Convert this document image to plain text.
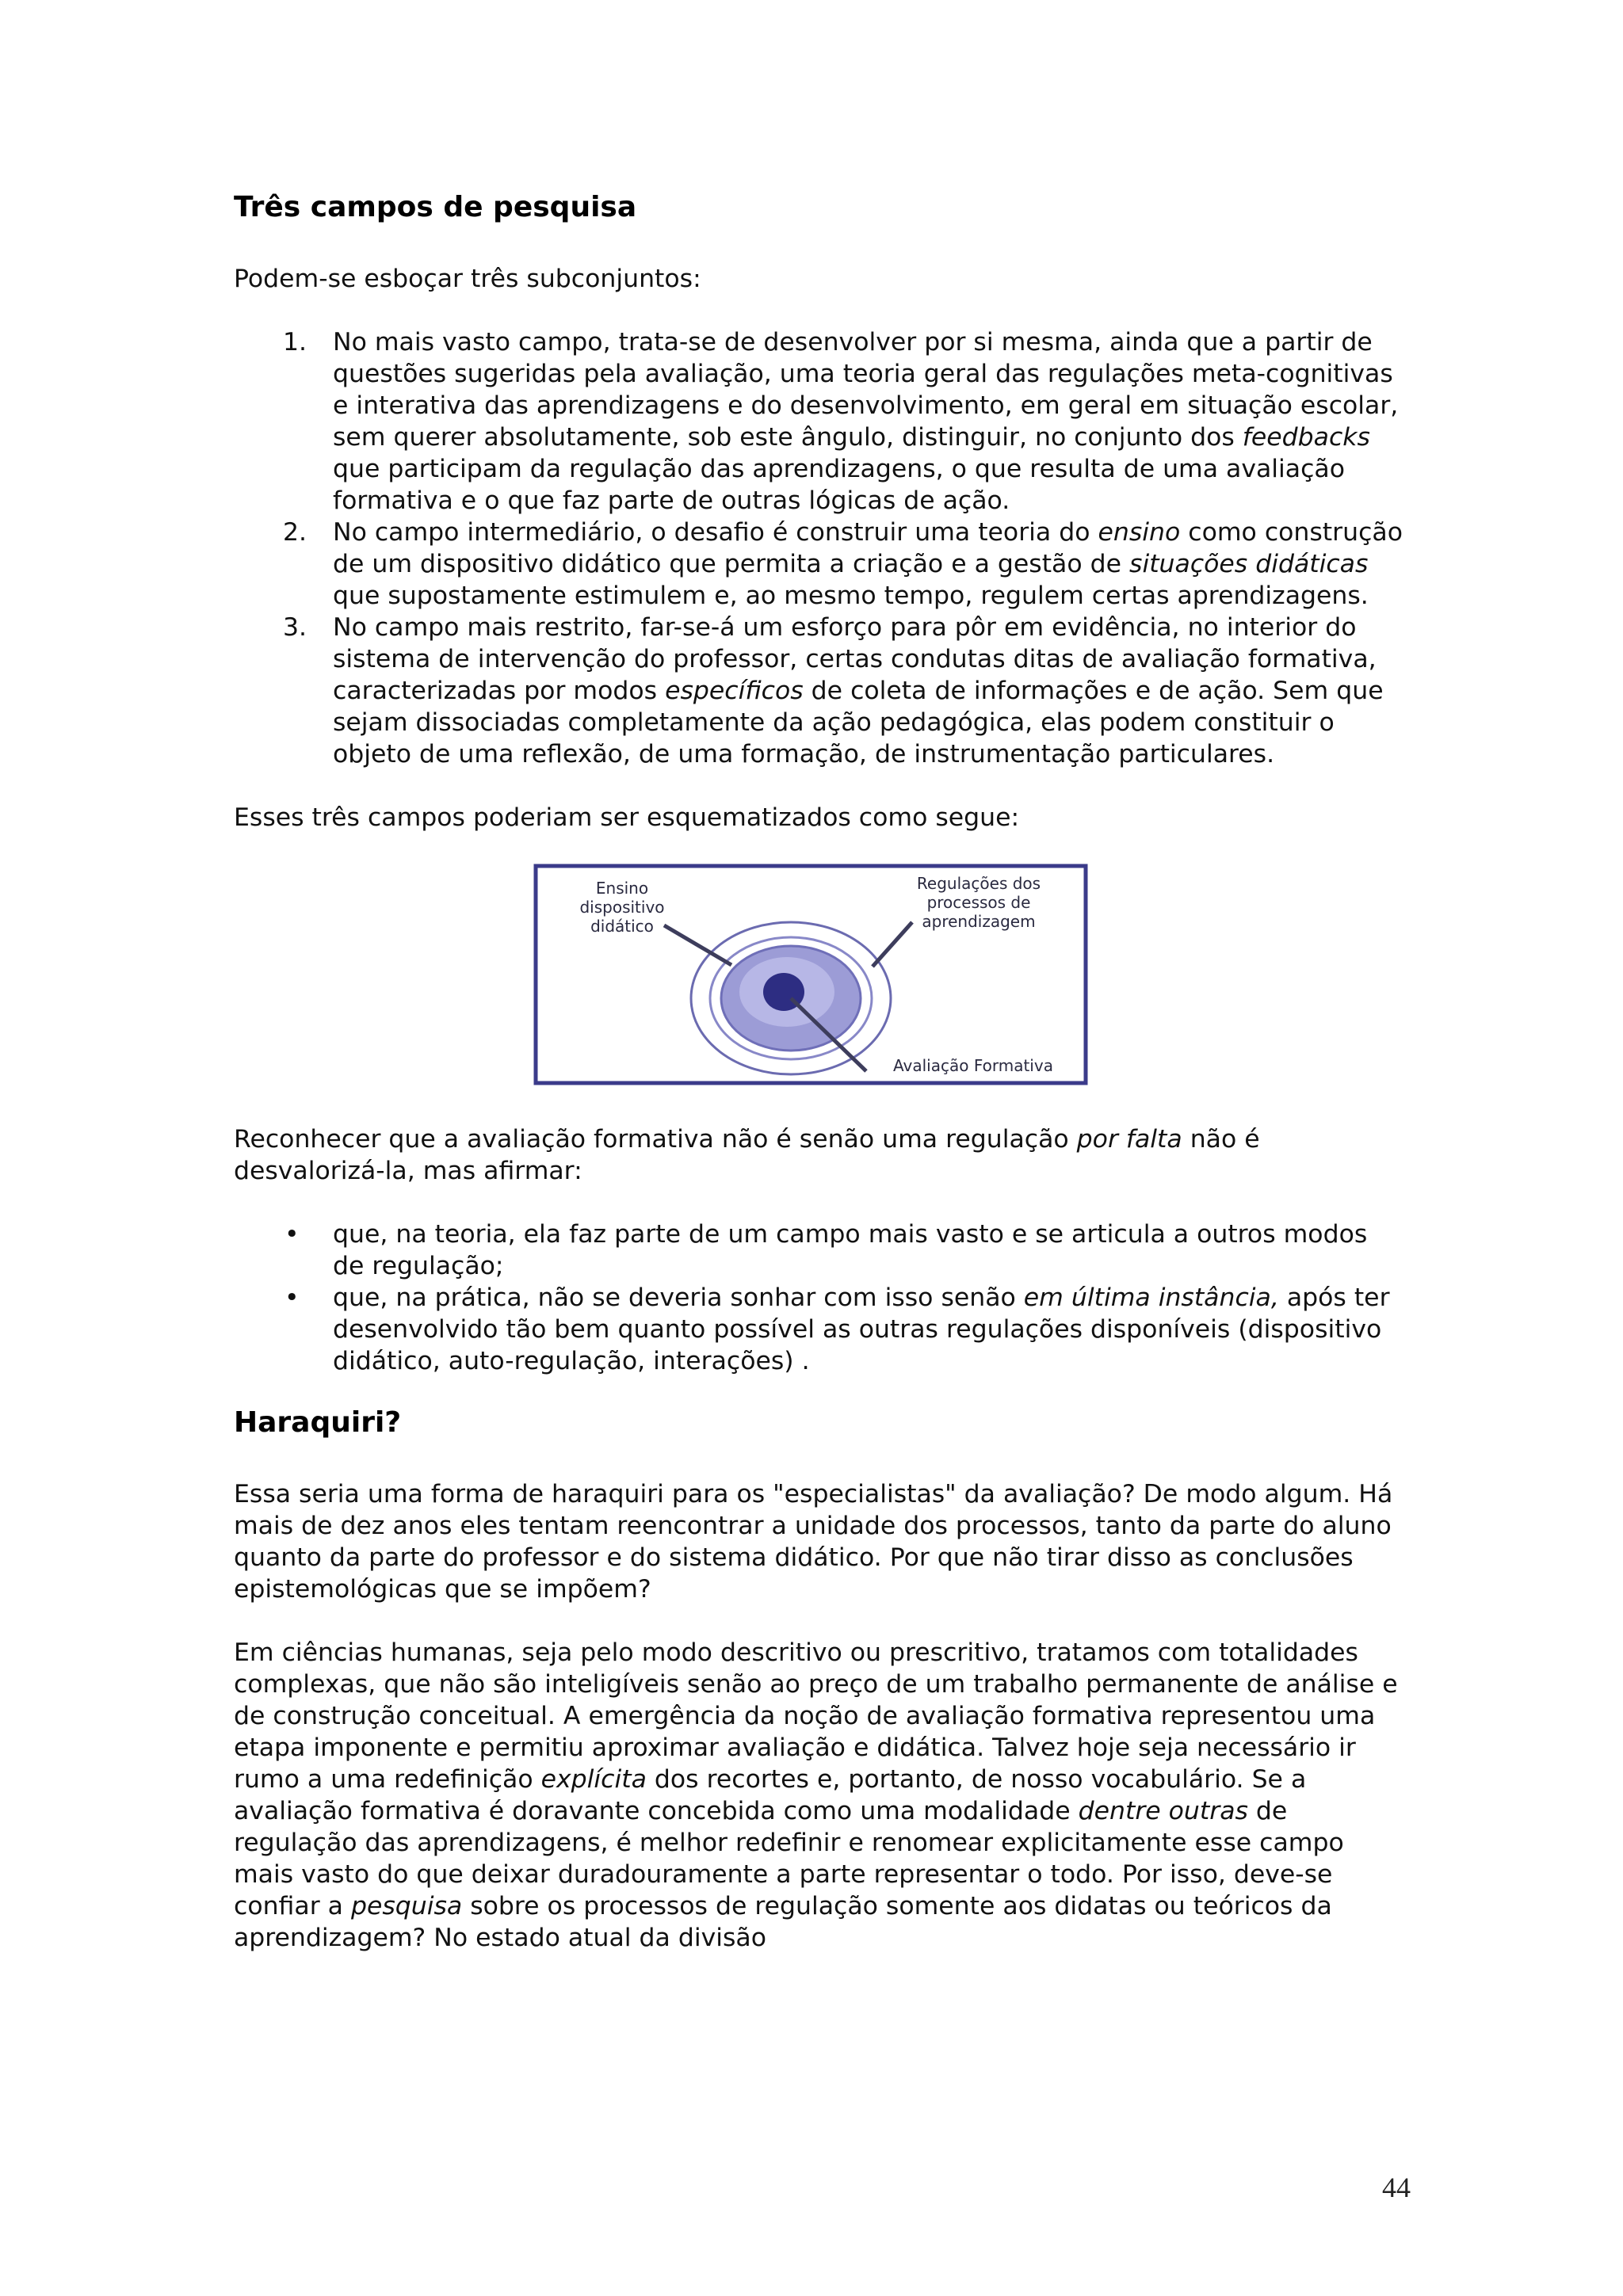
Três campos de pesquisa

Podem-se esboçar três subconjuntos:

1.	No mais vasto campo, trata-se de desenvolver por si mesma, ainda que a partir de questões sugeridas pela avaliação, uma teoria geral das regulações meta-cognitivas e interativa das aprendizagens e do desenvolvimento, em geral em situação escolar, sem querer absolutamente, sob este ângulo, distinguir, no conjunto dos feedbacks que participam da regulação das aprendizagens, o que resulta de uma avaliação formativa e o que faz parte de outras lógicas de ação.
2.	No campo intermediário, o desafio é construir uma teoria do ensino como construção de um dispositivo didático que permita a criação e a gestão de situações didáticas que supostamente estimulem e, ao mesmo tempo, regulem certas aprendizagens.
3.	No campo mais restrito, far-se-á um esforço para pôr em evidência, no interior do sistema de intervenção do professor, certas condutas ditas de avaliação formativa, caracterizadas por modos específicos de coleta de informações e de ação. Sem que sejam dissociadas completamente da ação pedagógica, elas podem constituir o objeto de uma reflexão, de uma formação, de instrumentação particulares.

Esses três campos poderiam ser esquematizados como segue:

Ensino
dispositivo
didático
Regulações dos
processos de
aprendizagem
Avaliação Formativa

Reconhecer que a avaliação formativa não é senão uma regulação por falta não é desvalorizá-la, mas afirmar:

•	que, na teoria, ela faz parte de um campo mais vasto e se articula a outros modos de regulação;
•	que, na prática, não se deveria sonhar com isso senão em última instância, após ter desenvolvido tão bem quanto possível as outras regulações disponíveis (dispositivo didático, auto-regulação, interações) .
Haraquiri?

Essa seria uma forma de haraquiri para os "especialistas" da avaliação? De modo algum. Há mais de dez anos eles tentam reencontrar a unidade dos processos, tanto da parte do aluno quanto da parte do professor e do sistema didático. Por que não tirar disso as conclusões epistemológicas que se impõem?

Em ciências humanas, seja pelo modo descritivo ou prescritivo, tratamos com totalidades complexas, que não são inteligíveis senão ao preço de um trabalho permanente de análise e de construção conceitual. A emergência da noção de avaliação formativa representou uma etapa imponente e permitiu aproximar avaliação e didática. Talvez hoje seja necessário ir rumo a uma redefinição explícita dos recortes e, portanto, de nosso vocabulário. Se a avaliação formativa é doravante concebida como uma modalidade dentre outras de regulação das aprendizagens, é melhor redefinir e renomear explicitamente esse campo mais vasto do que deixar duradouramente a parte representar o todo. Por isso, deve-se confiar a pesquisa sobre os processos de regulação somente aos didatas ou teóricos da aprendizagem? No estado atual da divisão

44
